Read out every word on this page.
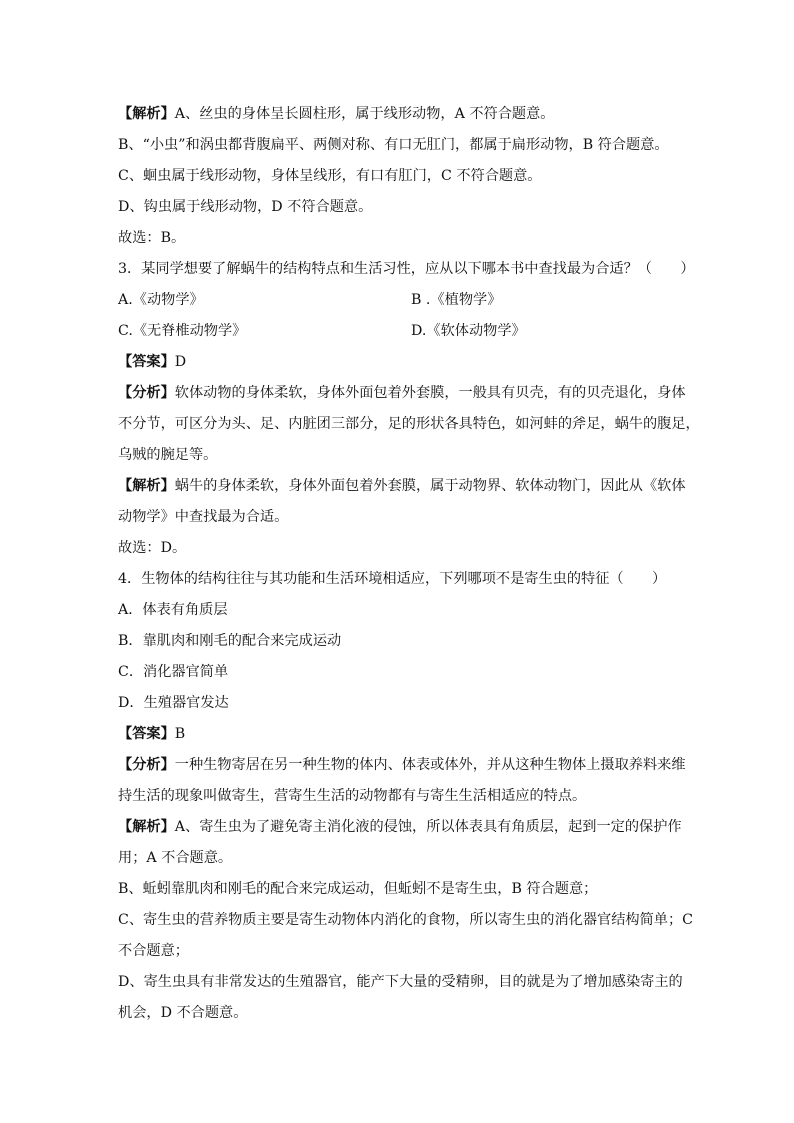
【解析】A、丝虫的身体呈长圆柱形，属于线形动物，A 不符合题意。
B、“小虫”和涡虫都背腹扁平、两侧对称、有口无肛门，都属于扁形动物，B 符合题意。
C、蛔虫属于线形动物，身体呈线形，有口有肛门，C 不符合题意。
D、钩虫属于线形动物，D 不符合题意。
故选：B。
3．某同学想要了解蜗牛的结构特点和生活习性，应从以下哪本书中查找最为合适？（　　）
A.《动物学》	B .《植物学》
C.《无脊椎动物学》	D.《软体动物学》
【答案】D
【分析】软体动物的身体柔软，身体外面包着外套膜，一般具有贝壳，有的贝壳退化，身体
不分节，可区分为头、足、内脏团三部分，足的形状各具特色，如河蚌的斧足，蜗牛的腹足，
乌贼的腕足等。
【解析】蜗牛的身体柔软，身体外面包着外套膜，属于动物界、软体动物门，因此从《软体
动物学》中查找最为合适。
故选：D。
4．生物体的结构往往与其功能和生活环境相适应，下列哪项不是寄生虫的特征（　　）
A．体表有角质层
B．靠肌肉和刚毛的配合来完成运动
C．消化器官简单
D．生殖器官发达
【答案】B
【分析】一种生物寄居在另一种生物的体内、体表或体外，并从这种生物体上摄取养料来维
持生活的现象叫做寄生，营寄生生活的动物都有与寄生生活相适应的特点。
【解析】A、寄生虫为了避免寄主消化液的侵蚀，所以体表具有角质层，起到一定的保护作
用；A 不合题意。
B、蚯蚓靠肌肉和刚毛的配合来完成运动，但蚯蚓不是寄生虫，B 符合题意；
C、寄生虫的营养物质主要是寄生动物体内消化的食物，所以寄生虫的消化器官结构简单；C
不合题意；
D、寄生虫具有非常发达的生殖器官，能产下大量的受精卵，目的就是为了增加感染寄主的
机会，D 不合题意。
